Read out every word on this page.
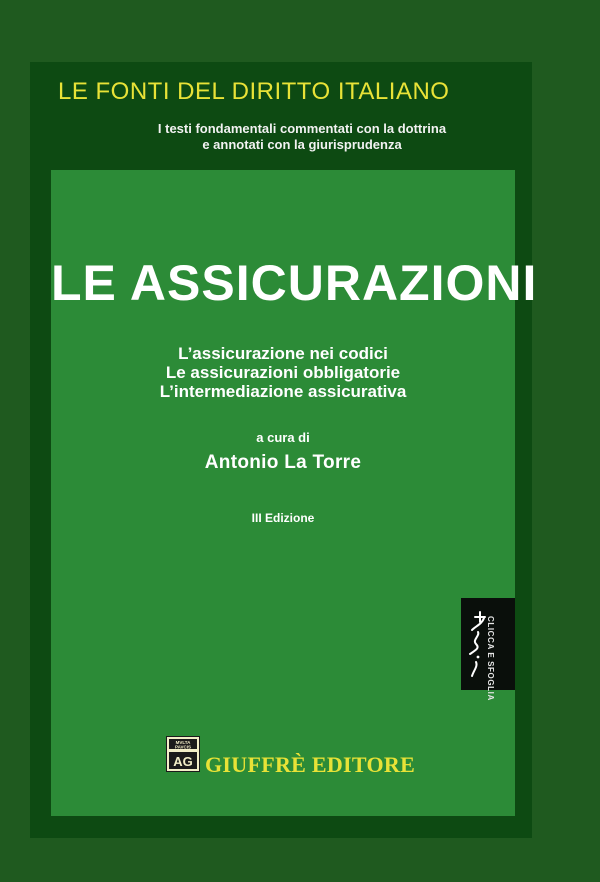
LE FONTI DEL DIRITTO ITALIANO
I testi fondamentali commentati con la dottrina
e annotati con la giurisprudenza
LE ASSICURAZIONI
L’assicurazione nei codici
Le assicurazioni obbligatorie
L’intermediazione assicurativa
a cura di
Antonio La Torre
III Edizione
CLICCA E SFOGLIA
MVLTA
PAVCIS
AG GIUFFRÈ EDITORE
